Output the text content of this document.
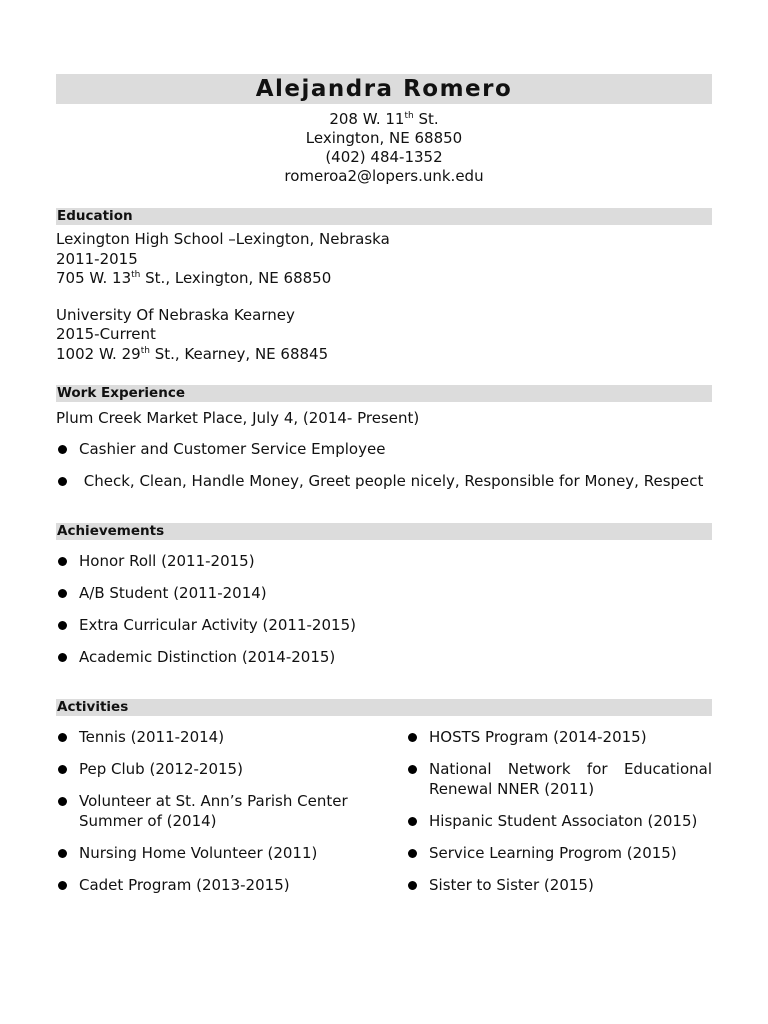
Alejandra Romero
208 W. 11th St.
Lexington, NE 68850
(402) 484-1352
romeroa2@lopers.unk.edu
Education
Lexington High School –Lexington, Nebraska
2011-2015
705 W. 13th St., Lexington, NE 68850
University Of Nebraska Kearney
2015-Current
1002 W. 29th St., Kearney, NE 68845
Work Experience
Plum Creek Market Place, July 4, (2014- Present)
Cashier and Customer Service Employee
Check, Clean, Handle Money, Greet people nicely, Responsible for Money, Respect
Achievements
Honor Roll (2011-2015)
A/B Student (2011-2014)
Extra Curricular Activity (2011-2015)
Academic Distinction (2014-2015)
Activities
Tennis (2011-2014)
Pep Club (2012-2015)
Volunteer at St. Ann’s Parish Center Summer of (2014)
Nursing Home Volunteer (2011)
Cadet Program (2013-2015)
HOSTS Program (2014-2015)
National Network for Educational Renewal NNER (2011)
Hispanic Student Associaton (2015)
Service Learning Progrom (2015)
Sister to Sister (2015)
